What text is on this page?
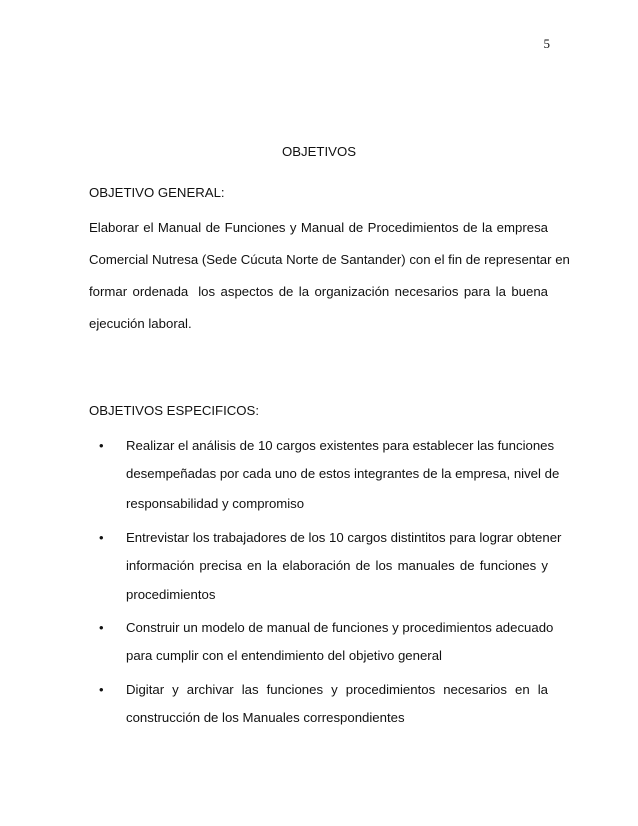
5
OBJETIVOS
OBJETIVO GENERAL:
Elaborar el Manual de Funciones y Manual de Procedimientos de la empresa
Comercial Nutresa (Sede Cúcuta Norte de Santander) con el fin de representar en
formar ordenada los aspectos de la organización necesarios para la buena
ejecución laboral.
OBJETIVOS ESPECIFICOS:
• Realizar el análisis de 10 cargos existentes para establecer las funciones
desempeñadas por cada uno de estos integrantes de la empresa, nivel de
responsabilidad y compromiso
• Entrevistar los trabajadores de los 10 cargos distintitos para lograr obtener
información precisa en la elaboración de los manuales de funciones y
procedimientos
• Construir un modelo de manual de funciones y procedimientos adecuado
para cumplir con el entendimiento del objetivo general
• Digitar y archivar las funciones y procedimientos necesarios en la
construcción de los Manuales correspondientes
